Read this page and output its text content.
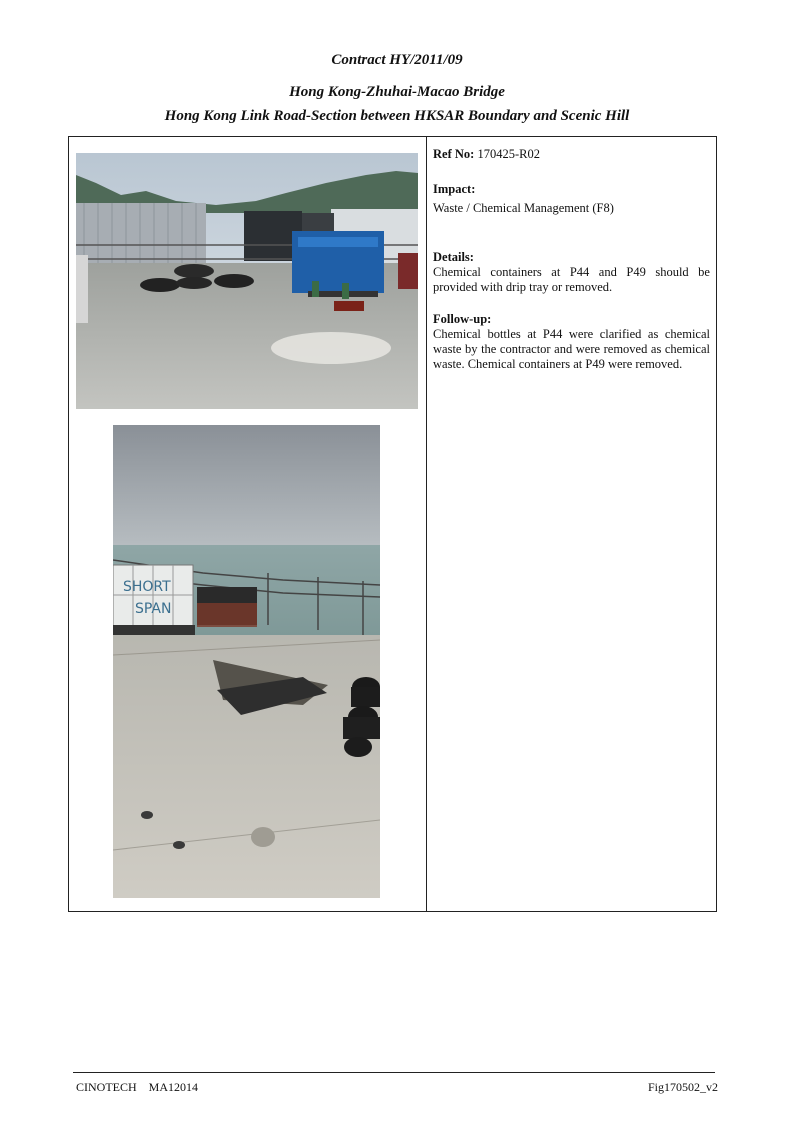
Contract HY/2011/09
Hong Kong-Zhuhai-Macao Bridge
Hong Kong Link Road-Section between HKSAR Boundary and Scenic Hill
SHORT
SPAN

Ref No: 170425-R02

Impact:

Waste / Chemical Management (F8)

Details:

Chemical containers at P44 and P49 should be provided with drip tray or removed.

Follow-up:

Chemical bottles at P44 were clarified as chemical waste by the contractor and were removed as chemical waste. Chemical containers at P49 were removed.

CINOTECH    MA12014	Fig170502_v2
